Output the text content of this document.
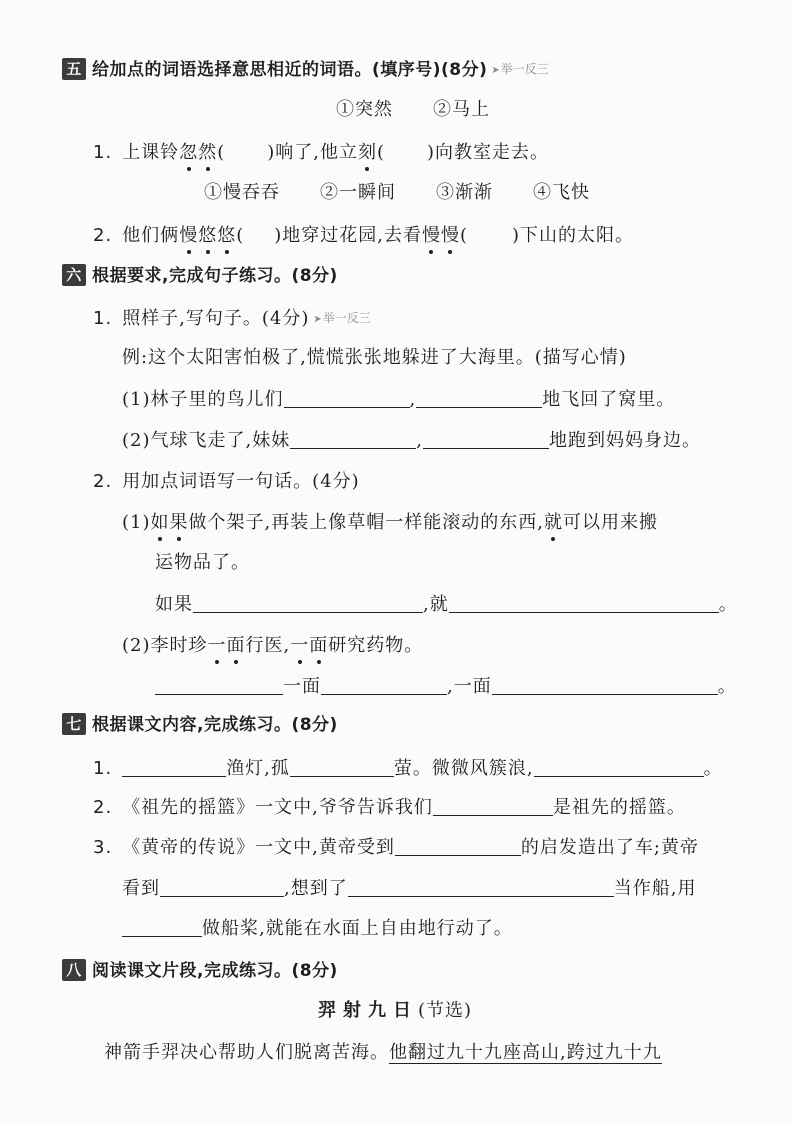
五 给加点的词语选择意思相近的词语。(填序号)(8分) ➤举一反三
①突然 ②马上
1. 上课铃忽然( )响了,他立刻( )向教室走去。
①慢吞吞 ②一瞬间 ③渐渐 ④飞快
2. 他们俩慢悠悠( )地穿过花园,去看慢慢( )下山的太阳。
六 根据要求,完成句子练习。(8分)
1. 照样子,写句子。(4分) ➤举一反三
例:这个太阳害怕极了,慌慌张张地躲进了大海里。(描写心情)
(1)林子里的鸟儿们	,	地飞回了窝里。
(2)气球飞走了,妹妹	,	地跑到妈妈身边。
2. 用加点词语写一句话。(4分)
(1)如果做个架子,再装上像草帽一样能滚动的东西,就可以用来搬
运物品了。
如果	,就	。
(2)李时珍一面行医,一面研究药物。
一面	,一面	。
七 根据课文内容,完成练习。(8分)
1.	渔灯,孤	萤。微微风簇浪,	。
2. 《祖先的摇篮》一文中,爷爷告诉我们	是祖先的摇篮。
3. 《黄帝的传说》一文中,黄帝受到	的启发造出了车;黄帝
看到	,想到了	当作船,用
做船桨,就能在水面上自由地行动了。
八 阅读课文片段,完成练习。(8分)
羿射九日(节选)
神箭手羿决心帮助人们脱离苦海。他翻过九十九座高山,跨过九十九
